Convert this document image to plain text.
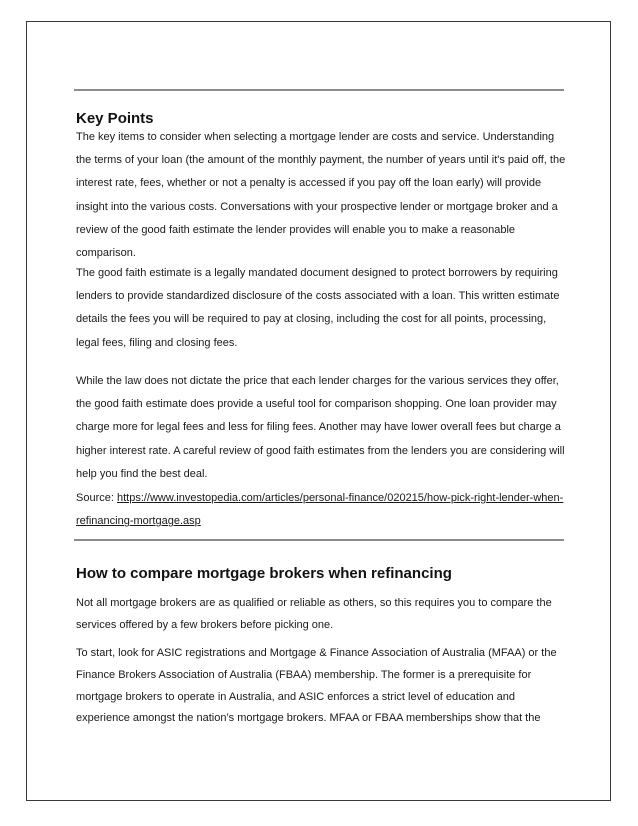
Key Points
The key items to consider when selecting a mortgage lender are costs and service. Understanding
the terms of your loan (the amount of the monthly payment, the number of years until it's paid off, the
interest rate, fees, whether or not a penalty is accessed if you pay off the loan early) will provide
insight into the various costs. Conversations with your prospective lender or mortgage broker and a
review of the good faith estimate the lender provides will enable you to make a reasonable
comparison.
The good faith estimate is a legally mandated document designed to protect borrowers by requiring
lenders to provide standardized disclosure of the costs associated with a loan. This written estimate
details the fees you will be required to pay at closing, including the cost for all points, processing,
legal fees, filing and closing fees.
While the law does not dictate the price that each lender charges for the various services they offer,
the good faith estimate does provide a useful tool for comparison shopping. One loan provider may
charge more for legal fees and less for filing fees. Another may have lower overall fees but charge a
higher interest rate. A careful review of good faith estimates from the lenders you are considering will
help you find the best deal.
Source: https://www.investopedia.com/articles/personal-finance/020215/how-pick-right-lender-when-
refinancing-mortgage.asp
How to compare mortgage brokers when refinancing
Not all mortgage brokers are as qualified or reliable as others, so this requires you to compare the
services offered by a few brokers before picking one.
To start, look for ASIC registrations and Mortgage & Finance Association of Australia (MFAA) or the
Finance Brokers Association of Australia (FBAA) membership. The former is a prerequisite for
mortgage brokers to operate in Australia, and ASIC enforces a strict level of education and
experience amongst the nation’s mortgage brokers. MFAA or FBAA memberships show that the
